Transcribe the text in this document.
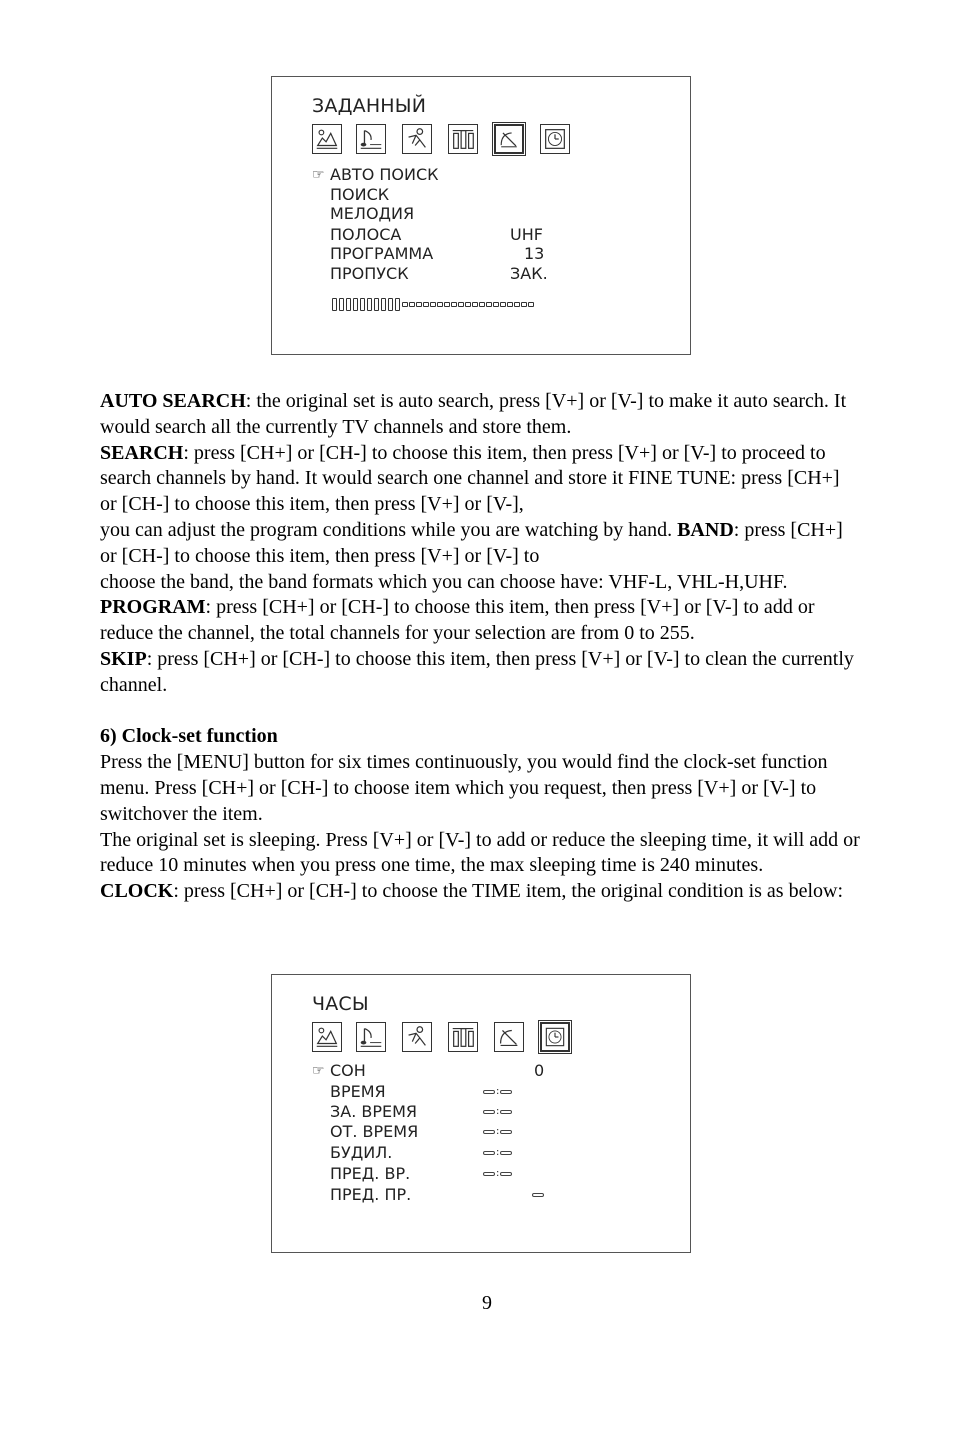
ЗАДАННЫЙ
☞ АВТО ПОИСК
ПОИСК
МЕЛОДИЯ
ПОЛОСА	UHF
ПРОГРАММА	13
ПРОПУСК	ЗАК.

AUTO SEARCH: the original set is auto search, press [V+] or [V-] to make it auto search. It would search all the currently TV channels and store them.

SEARCH: press [CH+] or [CH-] to choose this item, then press [V+] or [V-] to proceed to search channels by hand. It would search one channel and store it FINE TUNE: press [CH+] or [CH-] to choose this item, then press [V+] or [V-],

you can adjust the program conditions while you are watching by hand. BAND: press [CH+] or [CH-] to choose this item, then press [V+] or [V-] to

choose the band, the band formats which you can choose have: VHF-L, VHL-H,UHF.

PROGRAM: press [CH+] or [CH-] to choose this item, then press [V+] or [V-] to add or reduce the channel, the total channels for your selection are from 0 to 255.

SKIP: press [CH+] or [CH-] to choose this item, then press [V+] or [V-] to clean the currently channel.

6) Clock-set function

Press the [MENU] button for six times continuously, you would find the clock-set function menu. Press [CH+] or [CH-] to choose item which you request, then press [V+] or [V-] to switchover the item.

The original set is sleeping. Press [V+] or [V-] to add or reduce the sleeping time, it will add or reduce 10 minutes when you press one time, the max sleeping time is 240 minutes.

CLOCK: press [CH+] or [CH-] to choose the TIME item, the original condition is as below:

ЧАСЫ
☞ СОН	0
ВРЕМЯ	:
ЗА. ВРЕМЯ	:
ОТ. ВРЕМЯ	:
БУДИЛ.	:
ПРЕД. ВР.	:
ПРЕД. ПР.
9
